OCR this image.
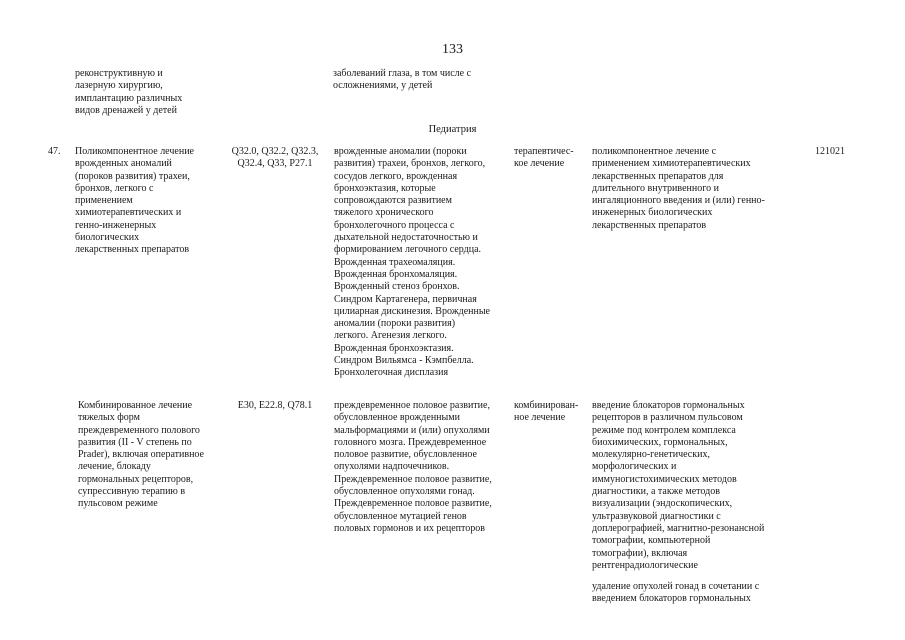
133
реконструктивную и
лазерную хирургию,
имплантацию различных
видов дренажей у детей
заболеваний глаза, в том числе с
осложнениями, у детей
Педиатрия
47. Поликомпонентное лечение
врожденных аномалий
(пороков развития) трахеи,
бронхов, легкого с
применением
химиотерапевтических и
генно-инженерных
биологических
лекарственных препаратов
Q32.0, Q32.2, Q32.3,
Q32.4, Q33, P27.1
врожденные аномалии (пороки
развития) трахеи, бронхов, легкого,
сосудов легкого, врожденная
бронхоэктазия, которые
сопровождаются развитием
тяжелого хронического
бронхолегочного процесса с
дыхательной недостаточностью и
формированием легочного сердца.
Врожденная трахеомаляция.
Врожденная бронхомаляция.
Врожденный стеноз бронхов.
Синдром Картагенера, первичная
цилиарная дискинезия. Врожденные
аномалии (пороки развития)
легкого. Агенезия легкого.
Врожденная бронхоэктазия.
Синдром Вильямса - Кэмпбелла.
Бронхолегочная дисплазия
терапевтичес-
кое лечение
поликомпонентное лечение с
применением химиотерапевтических
лекарственных препаратов для
длительного внутривенного и
ингаляционного введения и (или) генно-
инженерных биологических
лекарственных препаратов
121021
Комбинированное лечение
тяжелых форм
преждевременного полового
развития (II - V степень по
Prader), включая оперативное
лечение, блокаду
гормональных рецепторов,
супрессивную терапию в
пульсовом режиме
E30, E22.8, Q78.1	преждевременное половое развитие,
обусловленное врожденными
мальформациями и (или) опухолями
головного мозга. Преждевременное
половое развитие, обусловленное
опухолями надпочечников.
Преждевременное половое развитие,
обусловленное опухолями гонад.
Преждевременное половое развитие,
обусловленное мутацией генов
половых гормонов и их рецепторов
комбинирован-
ное лечение
введение блокаторов гормональных
рецепторов в различном пульсовом
режиме под контролем комплекса
биохимических, гормональных,
молекулярно-генетических,
морфологических и
иммуногистохимических методов
диагностики, а также методов
визуализации (эндоскопических,
ультразвуковой диагностики с
доплерографией, магнитно-резонансной
томографии, компьютерной
томографии), включая
рентгенрадиологические
удаление опухолей гонад в сочетании с
введением блокаторов гормональных
